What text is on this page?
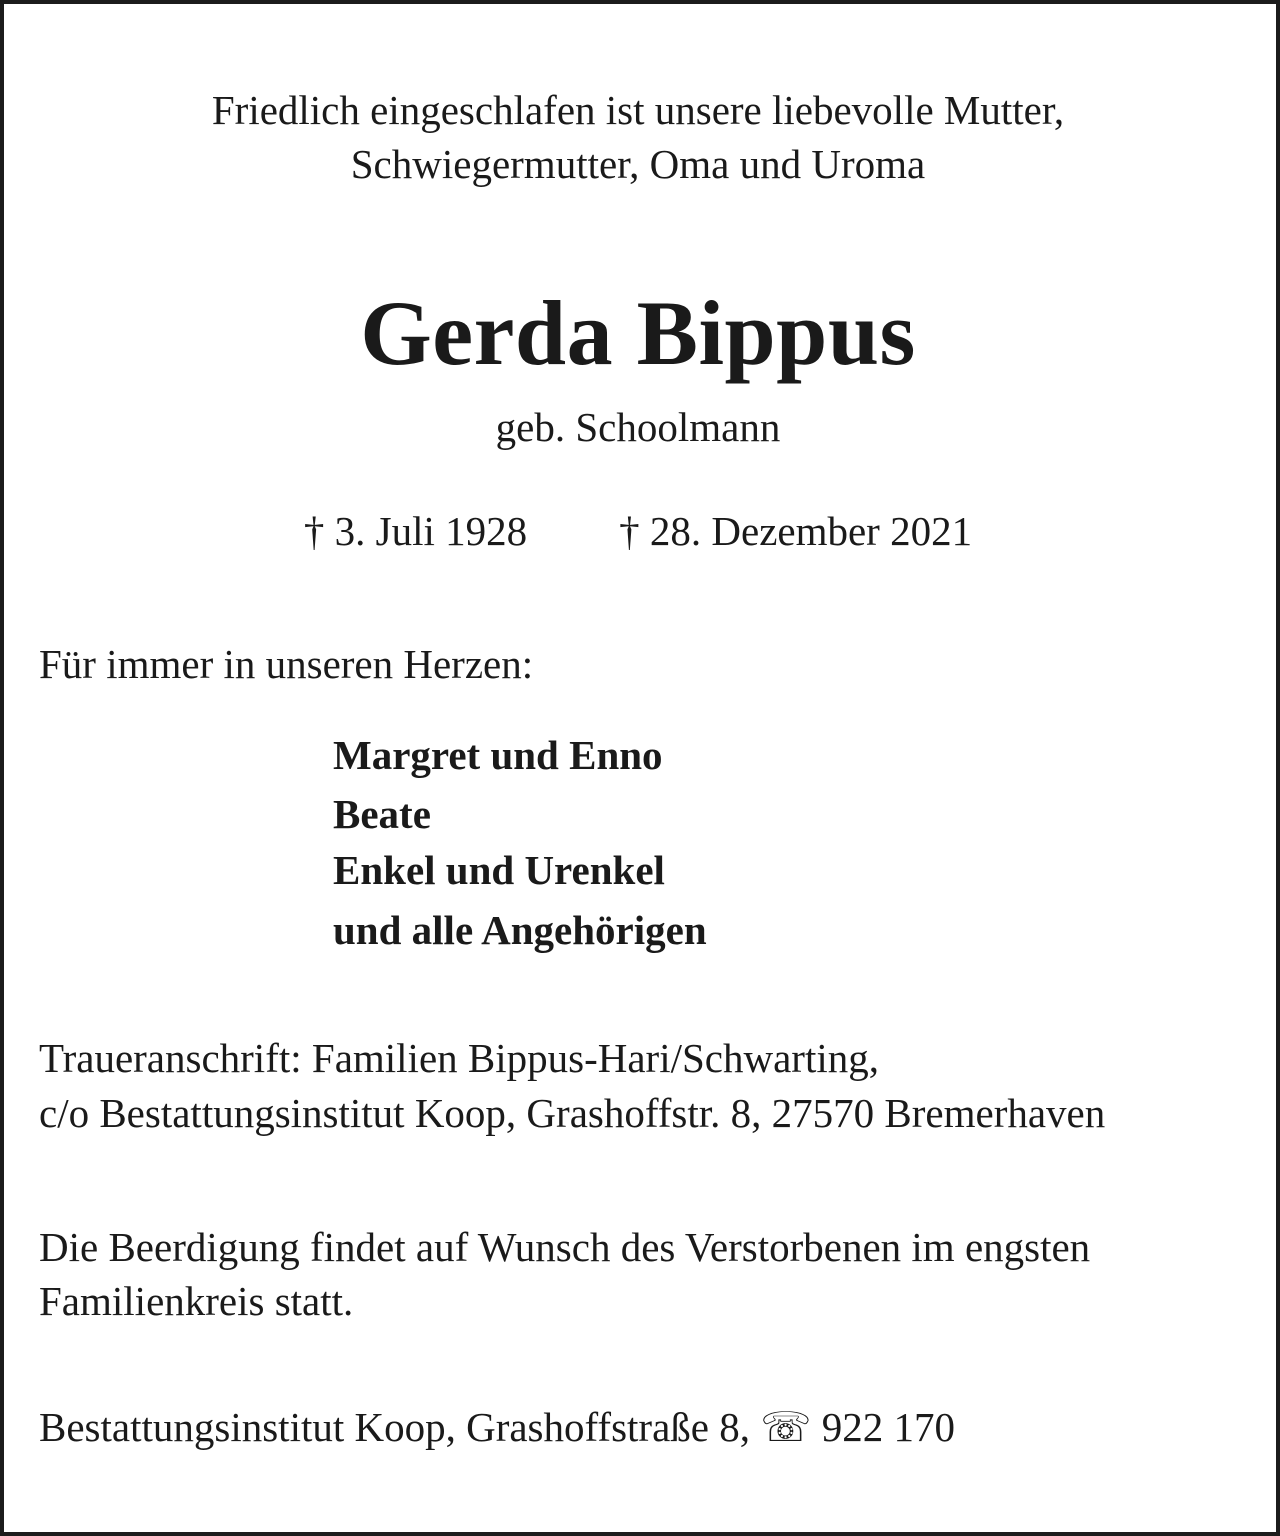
Friedlich eingeschlafen ist unsere liebevolle Mutter,
Schwiegermutter, Oma und Uroma
Gerda Bippus
geb. Schoolmann
† 3. Juli 1928 † 28. Dezember 2021
Für immer in unseren Herzen:
Margret und Enno
Beate
Enkel und Urenkel
und alle Angehörigen
Traueranschrift: Familien Bippus-Hari/Schwarting,
c/o Bestattungsinstitut Koop, Grashoffstr. 8, 27570 Bremerhaven
Die Beerdigung findet auf Wunsch des Verstorbenen im engsten
Familienkreis statt.
Bestattungsinstitut Koop, Grashoffstraße 8, ☏ 922 170
